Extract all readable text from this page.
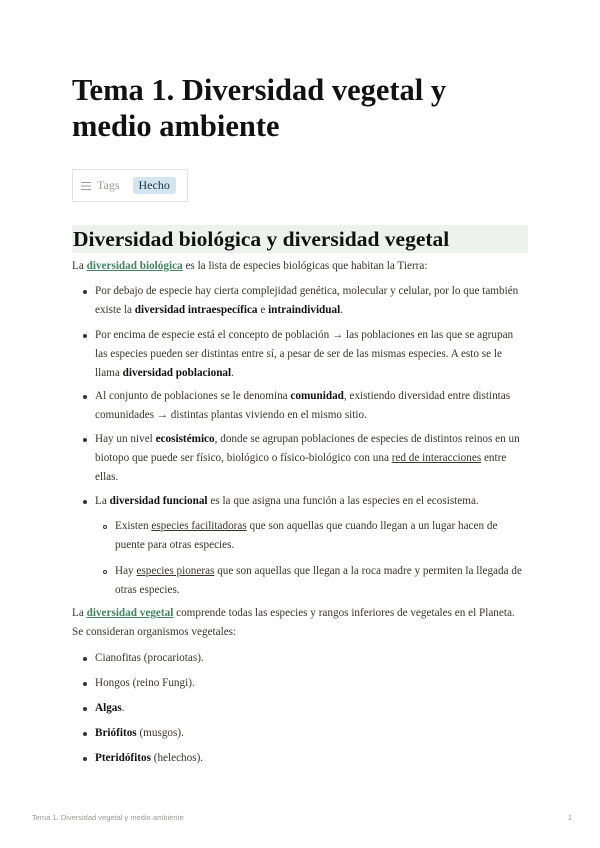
Tema 1. Diversidad vegetal y medio ambiente
Tags	Hecho
Diversidad biológica y diversidad vegetal
La diversidad biológica es la lista de especies biológicas que habitan la Tierra:
Por debajo de especie hay cierta complejidad genética, molecular y celular, por lo que también existe la diversidad intraespecífica e intraindividual.
Por encima de especie está el concepto de población → las poblaciones en las que se agrupan las especies pueden ser distintas entre sí, a pesar de ser de las mismas especies. A esto se le llama diversidad poblacional.
Al conjunto de poblaciones se le denomina comunidad, existiendo diversidad entre distintas comunidades → distintas plantas viviendo en el mismo sitio.
Hay un nivel ecosistémico, donde se agrupan poblaciones de especies de distintos reinos en un biotopo que puede ser físico, biológico o físico-biológico con una red de interacciones entre ellas.
La diversidad funcional es la que asigna una función a las especies en el ecosistema.
Existen especies facilitadoras que son aquellas que cuando llegan a un lugar hacen de puente para otras especies.
Hay especies pioneras que son aquellas que llegan a la roca madre y permiten la llegada de otras especies.
La diversidad vegetal comprende todas las especies y rangos inferiores de vegetales en el Planeta. Se consideran organismos vegetales:
Cianofitas (procariotas).
Hongos (reino Fungi).
Algas.
Briófitos (musgos).
Pteridófitos (helechos).
Tema 1. Diversidad vegetal y medio ambiente	1
